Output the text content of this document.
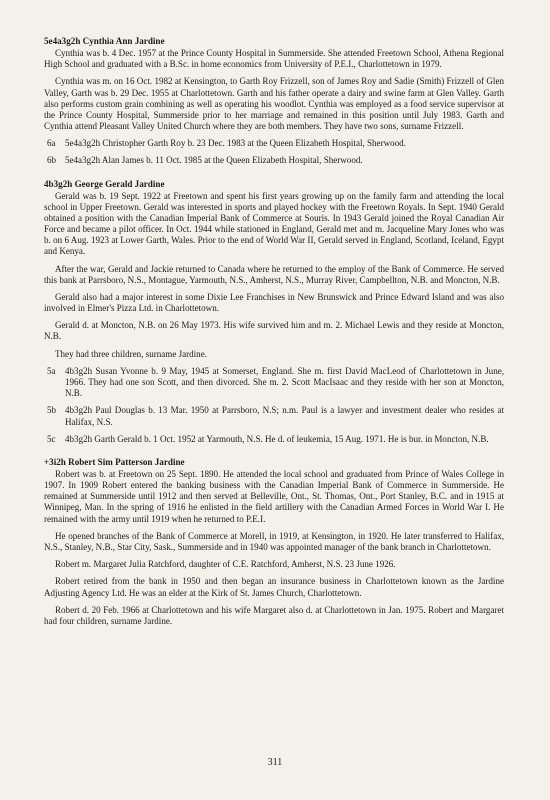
5e4a3g2h Cynthia Ann Jardine

Cynthia was b. 4 Dec. 1957 at the Prince County Hospital in Summerside. She attended Freetown School, Athena Regional High School and graduated with a B.Sc. in home economics from University of P.E.I., Charlottetown in 1979.

Cynthia was m. on 16 Oct. 1982 at Kensington, to Garth Roy Frizzell, son of James Roy and Sadie (Smith) Frizzell of Glen Valley, Garth was b. 29 Dec. 1955 at Charlottetown. Garth and his father operate a dairy and swine farm at Glen Valley. Garth also performs custom grain combining as well as operating his woodlot. Cynthia was employed as a food service supervisor at the Prince County Hospital, Summerside prior to her marriage and remained in this position until July 1983. Garth and Cynthia attend Pleasant Valley United Church where they are both members. They have two sons, surname Frizzell.

6a	5e4a3g2h Christopher Garth Roy b. 23 Dec. 1983 at the Queen Elizabeth Hospital, Sherwood.
6b 5e4a3g2h Alan James b. 11 Oct. 1985 at the Queen Elizabeth Hospital, Sherwood.
4b3g2h George Gerald Jardine

Gerald was b. 19 Sept. 1922 at Freetown and spent his first years growing up on the family farm and attending the local school in Upper Freetown. Gerald was interested in sports and played hockey with the Freetown Royals. In Sept. 1940 Gerald obtained a position with the Canadian Imperial Bank of Commerce at Souris. In 1943 Gerald joined the Royal Canadian Air Force and became a pilot officer. In Oct. 1944 while stationed in England, Gerald met and m. Jacqueline Mary Jones who was b. on 6 Aug. 1923 at Lower Garth, Wales. Prior to the end of World War II, Gerald served in England, Scotland, Iceland, Egypt and Kenya.

After the war, Gerald and Jackie returned to Canada where he returned to the employ of the Bank of Commerce. He served this bank at Parrsboro, N.S., Montague, Yarmouth, N.S., Amherst, N.S., Murray River, Campbellton, N.B. and Moncton, N.B.

Gerald also had a major interest in some Dixie Lee Franchises in New Brunswick and Prince Edward Island and was also involved in Elmer's Pizza Ltd. in Charlottetown.

Gerald d. at Moncton, N.B. on 26 May 1973. His wife survived him and m. 2. Michael Lewis and they reside at Moncton, N.B.

They had three children, surname Jardine.

5a	4b3g2h Susan Yvonne b. 9 May, 1945 at Somerset, England. She m. first David MacLeod of Charlottetown in June, 1966. They had one son Scott, and then divorced. She m. 2. Scott MacIsaac and they reside with her son at Moncton, N.B.
5b 4b3g2h Paul Douglas b. 13 Mar. 1950 at Parrsboro, N.S; n.m. Paul is a lawyer and investment dealer who resides at Halifax, N.S.
5c	4b3g2h Garth Gerald b. 1 Oct. 1952 at Yarmouth, N.S. He d. of leukemia, 15 Aug. 1971. He is bur. in Moncton, N.B.
+3i2h Robert Sim Patterson Jardine

Robert was b. at Freetown on 25 Sept. 1890. He attended the local school and graduated from Prince of Wales College in 1907. In 1909 Robert entered the banking business with the Canadian Imperial Bank of Commerce in Summerside. He remained at Summerside until 1912 and then served at Belleville, Ont., St. Thomas, Ont., Port Stanley, B.C. and in 1915 at Winnipeg, Man. In the spring of 1916 he enlisted in the field artillery with the Canadian Armed Forces in World War I. He remained with the army until 1919 when he returned to P.E.I.

He opened branches of the Bank of Commerce at Morell, in 1919, at Kensington, in 1920. He later transferred to Halifax, N.S., Stanley, N.B., Star City, Sask., Summerside and in 1940 was appointed manager of the bank branch in Charlottetown.

Robert m. Margaret Julia Ratchford, daughter of C.E. Ratchford, Amherst, N.S. 23 June 1926.

Robert retired from the bank in 1950 and then began an insurance business in Charlottetown known as the Jardine Adjusting Agency Ltd. He was an elder at the Kirk of St. James Church, Charlottetown.

Robert d. 20 Feb. 1966 at Charlottetown and his wife Margaret also d. at Charlottetown in Jan. 1975. Robert and Margaret had four children, surname Jardine.

311
